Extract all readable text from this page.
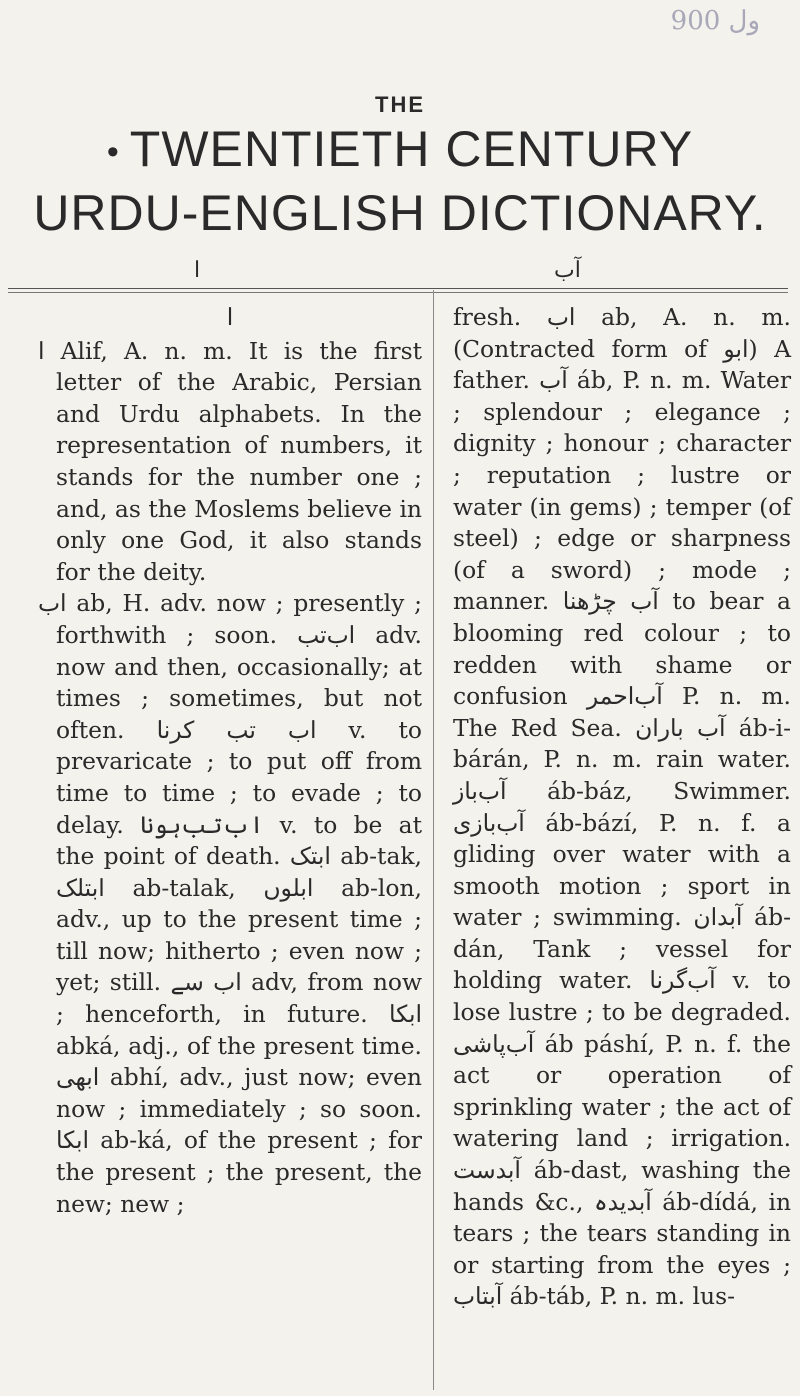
900 ول
THE
• TWENTIETH CENTURY
URDU-ENGLISH DICTIONARY.
ا	آب

ا

ا Alif, A. n. m. It is the first letter of the Arabic, Persian and Urdu alphabets. In the representation of numbers, it stands for the number one ; and, as the Moslems believe in only one God, it also stands for the deity.

اب ab, H. adv. now ; presently ; forthwith ; soon. اب‌تب adv. now and then, occasionally; at times ; sometimes, but not often. اب تب کرنا v. to prevaricate ; to put off from time to time ; to evade ; to delay. اب‌تب‌ہونا v. to be at the point of death. ابتک ab-tak, ابتلک ab-talak, ابلوں ab-lon, adv., up to the present time ; till now; hitherto ; even now ; yet; still. اب سے adv, from now ; henceforth, in future. ابکا abká, adj., of the present time. ابھی abhí, adv., just now; even now ; immediately ; so soon. ابکا ab-ká, of the present ; for the present ; the present, the new; new ;

fresh. اب ab, A. n. m. (Contracted form of ابو) A father. آب áb, P. n. m. Water ; splendour ; elegance ; dignity ; honour ; character ; reputation ; lustre or water (in gems) ; temper (of steel) ; edge or sharpness (of a sword) ; mode ; manner. آب چڑھنا to bear a blooming red colour ; to redden with shame or confusion آب‌احمر P. n. m. The Red Sea. آب باران áb-i-bárán, P. n. m. rain water. آب‌باز áb-báz, Swimmer. آب‌بازی áb-bází, P. n. f. a gliding over water with a smooth motion ; sport in water ; swimming. آبدان áb-dán, Tank ; vessel for holding water. آب‌گرنا v. to lose lustre ; to be degraded. آب‌پاشی áb páshí, P. n. f. the act or operation of sprinkling water ; the act of watering land ; irrigation. آبدست áb-dast, washing the hands &c., آبدیدہ áb-dídá, in tears ; the tears standing in or starting from the eyes ; آبتاب áb-táb, P. n. m. lus-
